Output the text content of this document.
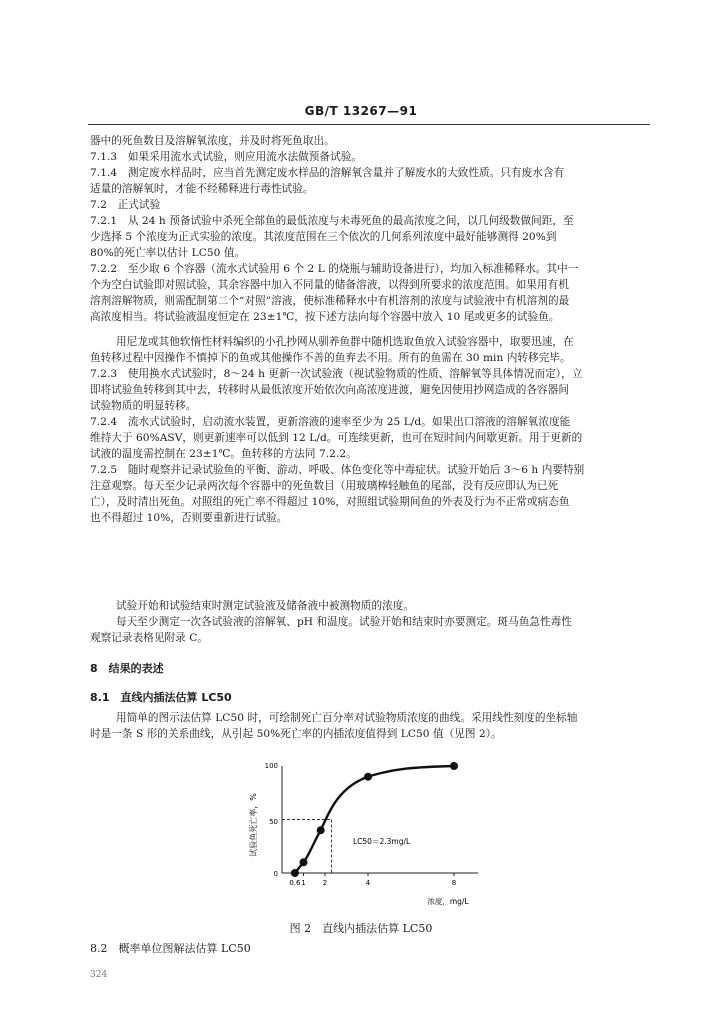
GB/T 13267—91
器中的死鱼数目及溶解氧浓度，并及时将死鱼取出。
7.1.3　如果采用流水式试验，则应用流水法做预备试验。
7.1.4　测定废水样品时，应当首先测定废水样品的溶解氧含量并了解废水的大致性质。只有废水含有
适量的溶解氧时，才能不经稀释进行毒性试验。
7.2　正式试验
7.2.1　从 24 h 预备试验中杀死全部鱼的最低浓度与未毒死鱼的最高浓度之间，以几何级数做间距，至
少选择 5 个浓度为正式实验的浓度。其浓度范围在三个依次的几何系列浓度中最好能够测得 20%到
80%的死亡率以估计 LC50 值。
7.2.2　至少取 6 个容器（流水式试验用 6 个 2 L 的烧瓶与辅助设备进行），均加入标准稀释水。其中一
个为空白试验即对照试验，其余容器中加入不同量的储备溶液，以得到所要求的浓度范围。如果用有机
溶剂溶解物质，则需配制第二个“对照”溶液，使标准稀释水中有机溶剂的浓度与试验液中有机溶剂的最
高浓度相当。将试验液温度恒定在 23±1℃，按下述方法向每个容器中放入 10 尾或更多的试验鱼。
用尼龙或其他软惰性材料编织的小孔抄网从驯养鱼群中随机选取鱼放入试验容器中，取要迅速，在
鱼转移过程中因操作不慎掉下的鱼或其他操作不善的鱼弃去不用。所有的鱼需在 30 min 内转移完毕。
7.2.3　使用换水式试验时，8～24 h 更新一次试验液（视试验物质的性质、溶解氧等具体情况而定），立
即将试验鱼转移到其中去，转移时从最低浓度开始依次向高浓度进渡，避免因使用抄网造成的各容器间
试验物质的明显转移。
7.2.4　流水式试验时，启动流水装置，更新溶液的速率至少为 25 L/d。如果出口溶液的溶解氧浓度能
维持大于 60%ASV，则更新速率可以低到 12 L/d。可连续更新，也可在短时间内间歇更新。用于更新的
试液的温度需控制在 23±1℃。鱼转移的方法同 7.2.2。
7.2.5　随时观察并记录试验鱼的平衡、游动、呼吸、体色变化等中毒症状。试验开始后 3～6 h 内要特别
注意观察。每天至少记录两次每个容器中的死鱼数目（用玻璃棒轻触鱼的尾部，没有反应即认为已死
亡），及时清出死鱼。对照组的死亡率不得超过 10%，对照组试验期间鱼的外表及行为不正常或病态鱼
也不得超过 10%，否则要重新进行试验。
试验开始和试验结束时测定试验液及储备液中被测物质的浓度。
每天至少测定一次各试验液的溶解氧、pH 和温度。试验开始和结束时亦要测定。斑马鱼急性毒性
观察记录表格见附录 C。
8　结果的表述
8.1　直线内插法估算 LC50
用简单的图示法估算 LC50 时，可绘制死亡百分率对试验物质浓度的曲线。采用线性刻度的坐标轴
时是一条 S 形的关系曲线，从引起 50%死亡率的内插浓度值得到 LC50 值（见图 2）。
试验鱼死亡率，%
100
50
0
0.6 1 2	4	8
LC50＝2.3mg/L
浓度，mg/L
图 2　直线内插法估算 LC50
8.2　概率单位图解法估算 LC50
324
